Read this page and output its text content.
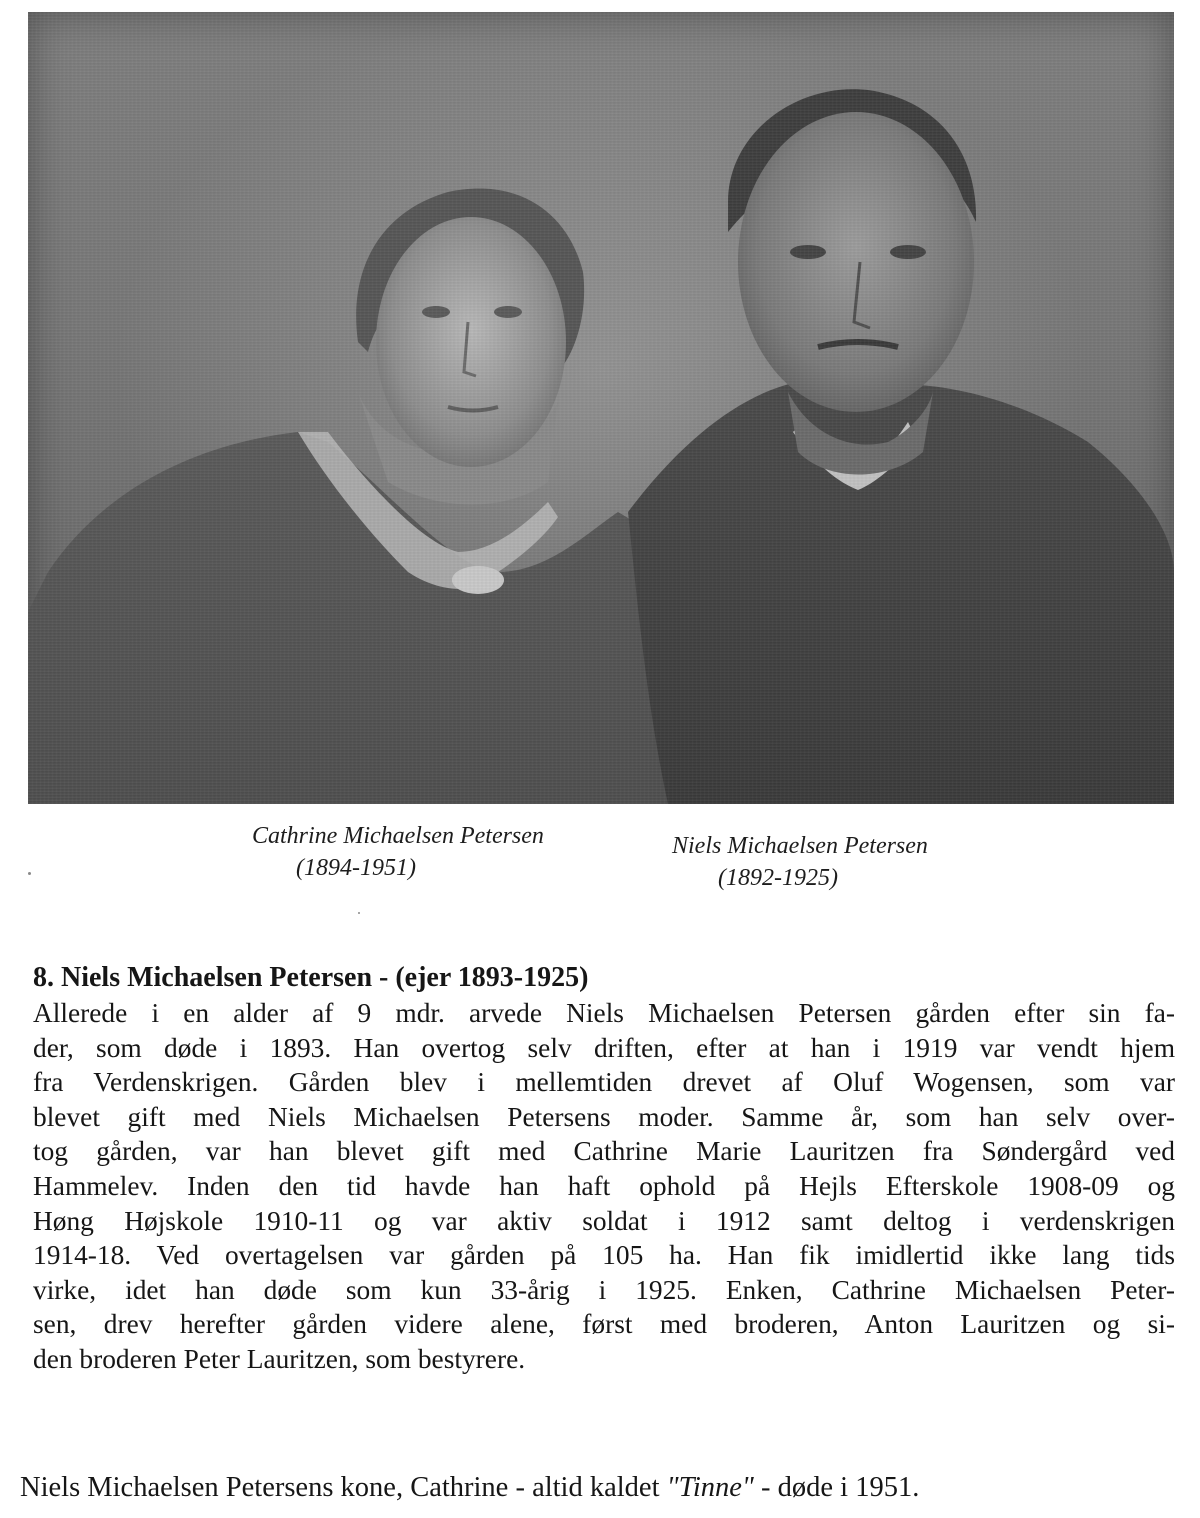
Cathrine Michaelsen Petersen
(1894-1951)
Niels Michaelsen Petersen
(1892-1925)
8. Niels Michaelsen Petersen - (ejer 1893-1925)
Allerede i en alder af 9 mdr. arvede Niels Michaelsen Petersen gården efter sin fa-
der, som døde i 1893. Han overtog selv driften, efter at han i 1919 var vendt hjem
fra Verdenskrigen. Gården blev i mellemtiden drevet af Oluf Wogensen, som var
blevet gift med Niels Michaelsen Petersens moder. Samme år, som han selv over-
tog gården, var han blevet gift med Cathrine Marie Lauritzen fra Søndergård ved
Hammelev. Inden den tid havde han haft ophold på Hejls Efterskole 1908-09 og
Høng Højskole 1910-11 og var aktiv soldat i 1912 samt deltog i verdenskrigen
1914-18. Ved overtagelsen var gården på 105 ha. Han fik imidlertid ikke lang tids
virke, idet han døde som kun 33-årig i 1925. Enken, Cathrine Michaelsen Peter-
sen, drev herefter gården videre alene, først med broderen, Anton Lauritzen og si-
den broderen Peter Lauritzen, som bestyrere.
Niels Michaelsen Petersens kone, Cathrine - altid kaldet "Tinne" - døde i 1951.
